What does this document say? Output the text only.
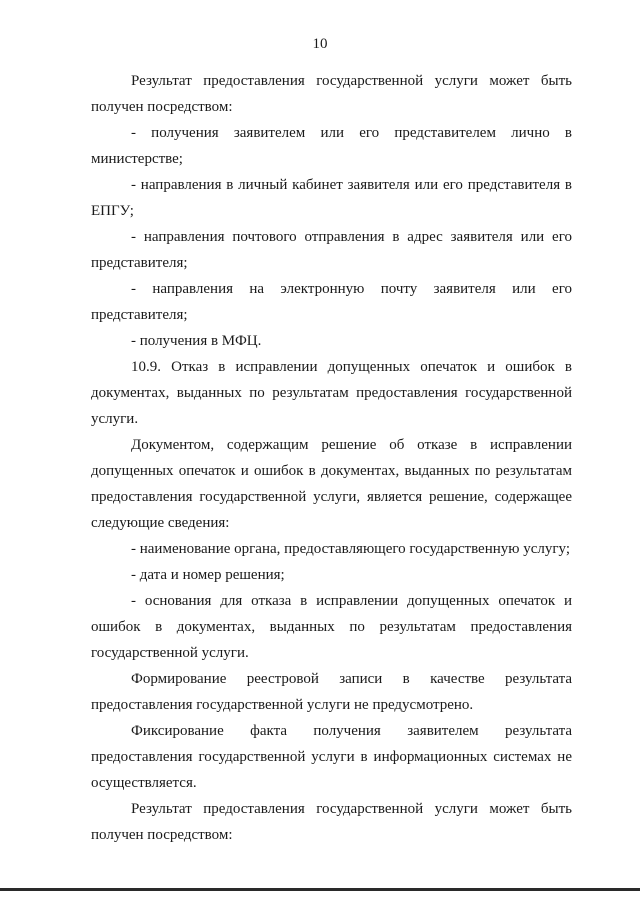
10

Результат предоставления государственной услуги может быть получен посредством:

- получения заявителем или его представителем лично в министерстве;

- направления в личный кабинет заявителя или его представителя в ЕПГУ;

- направления почтового отправления в адрес заявителя или его представителя;

- направления на электронную почту заявителя или его представителя;

- получения в МФЦ.

10.9. Отказ в исправлении допущенных опечаток и ошибок в документах, выданных по результатам предоставления государственной услуги.

Документом, содержащим решение об отказе в исправлении допущенных опечаток и ошибок в документах, выданных по результатам предоставления государственной услуги, является решение, содержащее следующие сведения:

- наименование органа, предоставляющего государственную услугу;

- дата и номер решения;

- основания для отказа в исправлении допущенных опечаток и ошибок в документах, выданных по результатам предоставления государственной услуги.

Формирование реестровой записи в качестве результата предоставления государственной услуги не предусмотрено.

Фиксирование факта получения заявителем результата предоставления государственной услуги в информационных системах не осуществляется.

Результат предоставления государственной услуги может быть получен посредством:
